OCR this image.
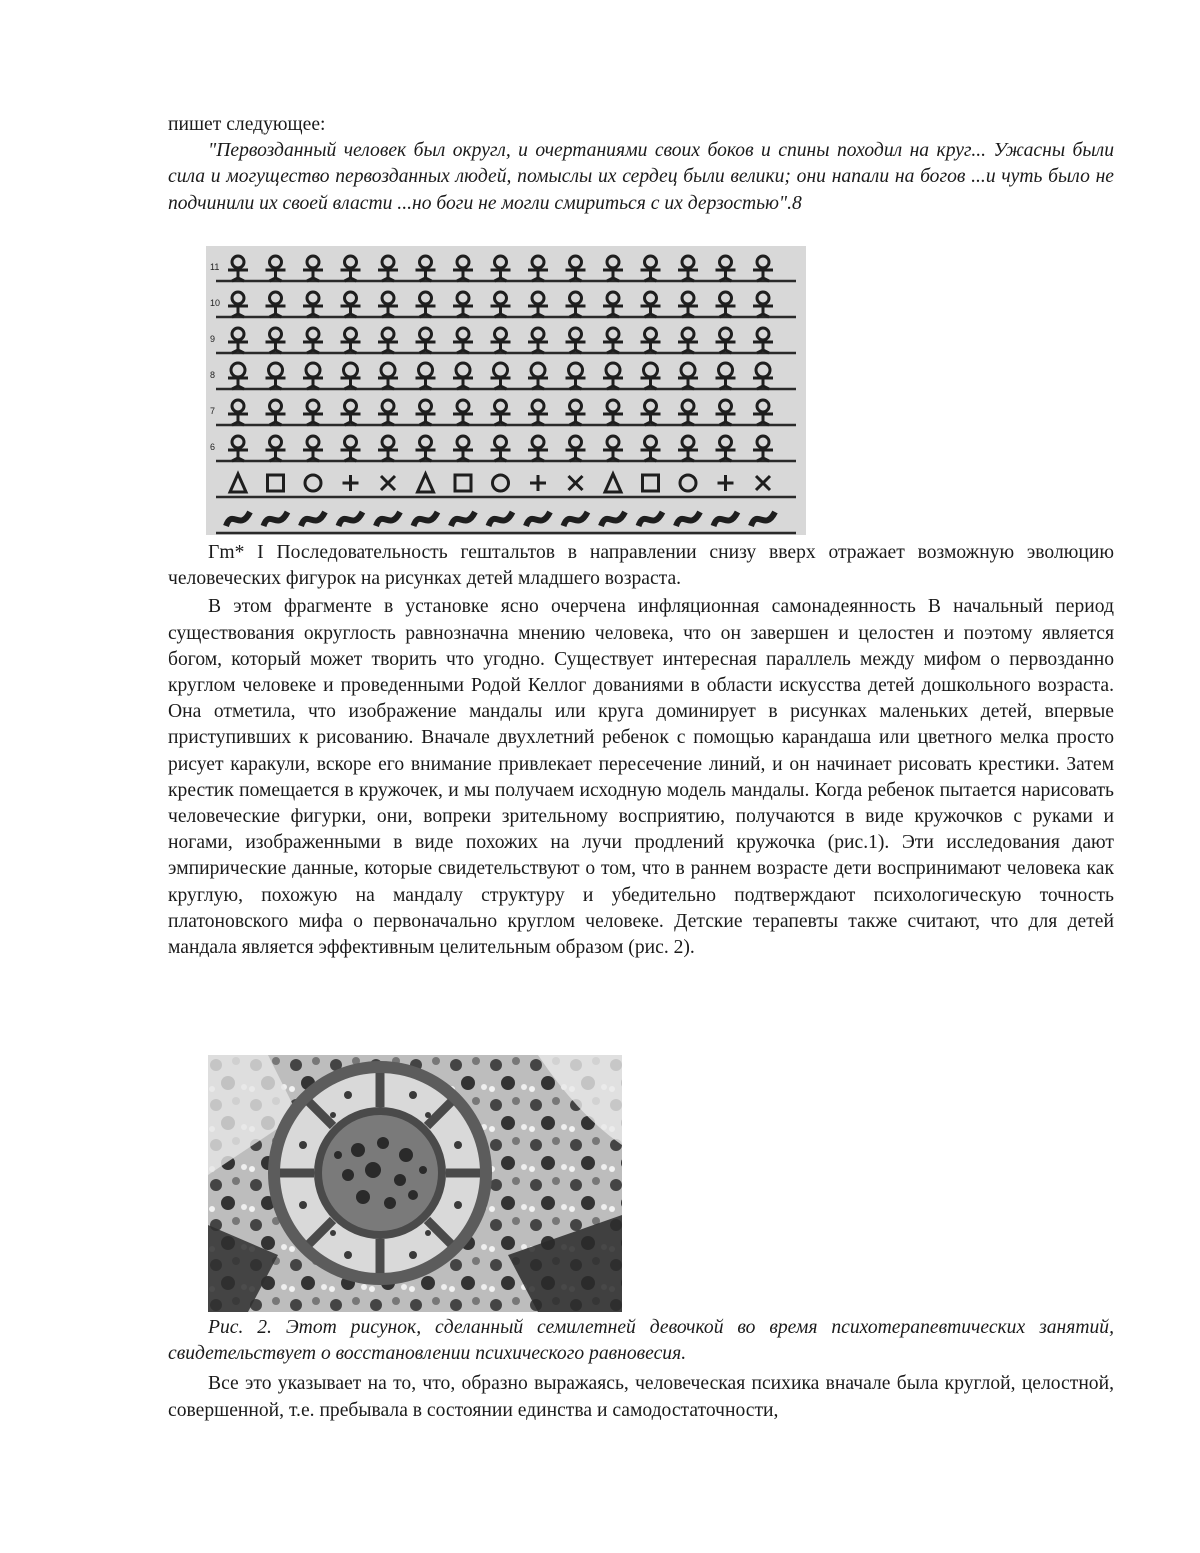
пишет следующее:

"Первозданный человек был округл, и очертаниями своих боков и спины походил на круг... Ужасны были сила и могущество первозданных людей, помыслы их сердец были велики; они напали на богов ...и чуть было не подчинили их своей власти ...но боги не могли смириться с их дерзостью".8

11
10
9
8
7
6

Гm* I Последовательность гештальтов в направлении снизу вверх отражает возможную эволюцию человеческих фигурок на рисунках детей младшего возраста.

В этом фрагменте в установке ясно очерчена инфляционная самонадеянность В начальный период существования округлость равнозначна мнению человека, что он завершен и целостен и поэтому является богом, который может творить что угодно. Существует интересная параллель между мифом о первозданно круглом человеке и проведенными Родой Келлог дованиями в области искусства детей дошкольного возраста. Она отметила, что изображение мандалы или круга доминирует в рисунках маленьких детей, впервые приступивших к рисованию. Вначале двухлетний ребенок с помощью карандаша или цветного мелка просто рисует каракули, вскоре его внимание привлекает пересечение линий, и он начинает рисовать крестики. Затем крестик помещается в кружочек, и мы получаем исходную модель мандалы. Когда ребенок пытается нарисовать человеческие фигурки, они, вопреки зрительному восприятию, получаются в виде кружочков с руками и ногами, изображенными в виде похожих на лучи продлений кружочка (рис.1). Эти исследования дают эмпирические данные, которые свидетельствуют о том, что в раннем возрасте дети воспринимают человека как круглую, похожую на мандалу структуру и убедительно подтверждают психологическую точность платоновского мифа о первоначально круглом человеке. Детские терапевты также считают, что для детей мандала является эффективным целительным образом (рис. 2).

Рис. 2. Этот рисунок, сделанный семилетней девочкой во время психотерапевтических занятий, свидетельствует о восстановлении психического равновесия.

Все это указывает на то, что, образно выражаясь, человеческая психика вначале была круглой, целостной, совершенной, т.е. пребывала в состоянии единства и самодостаточности,
